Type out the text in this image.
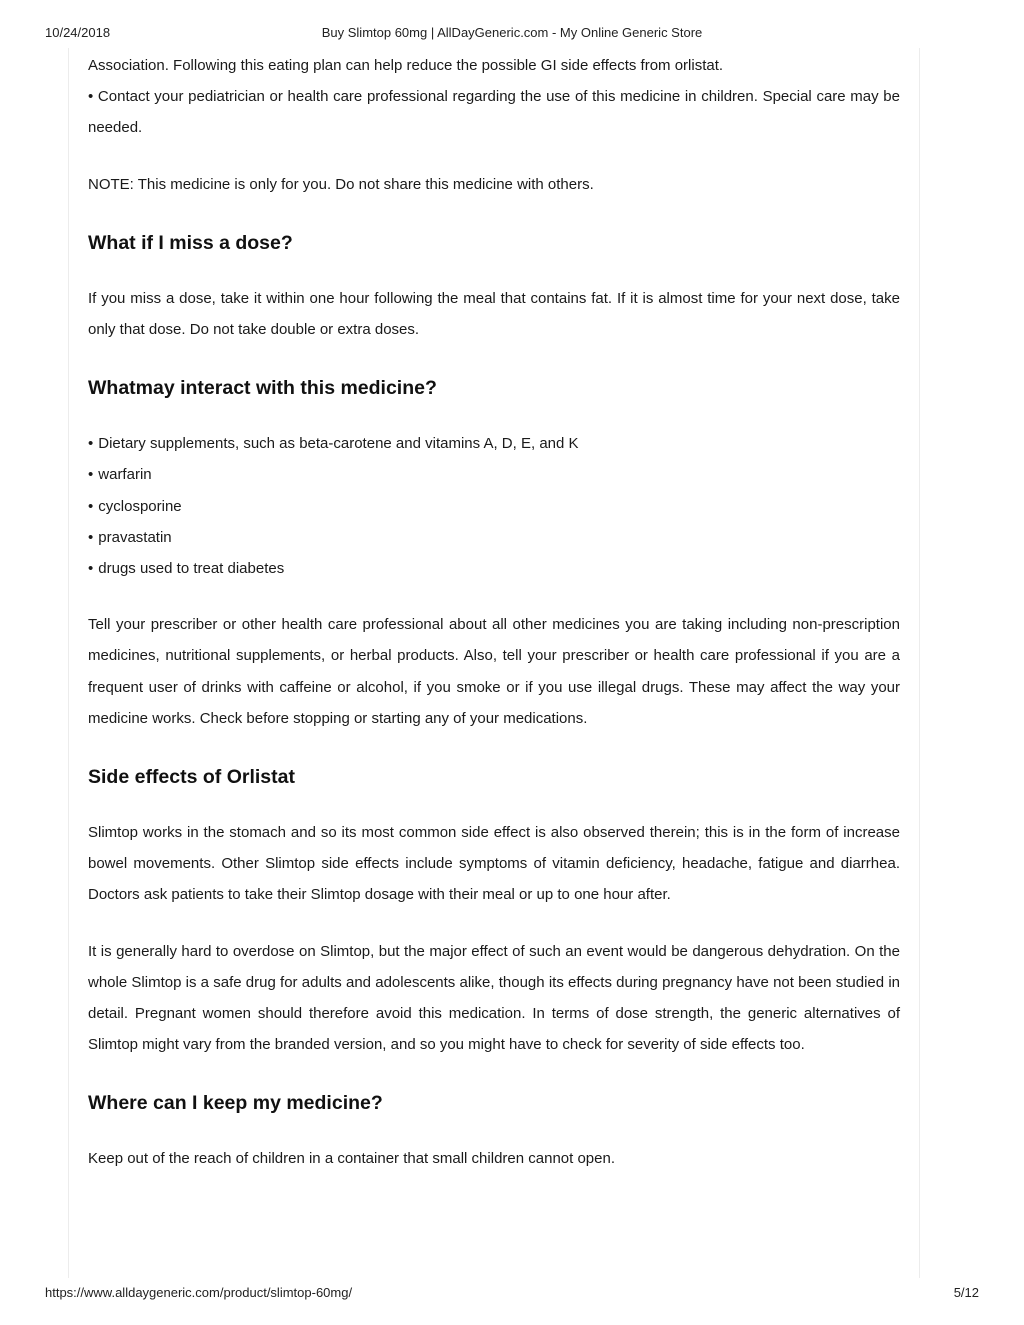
10/24/2018	Buy Slimtop 60mg | AllDayGeneric.com - My Online Generic Store

Association. Following this eating plan can help reduce the possible GI side effects from orlistat.

• Contact your pediatrician or health care professional regarding the use of this medicine in children. Special care may be needed.

NOTE: This medicine is only for you. Do not share this medicine with others.

What if I miss a dose?

If you miss a dose, take it within one hour following the meal that contains fat. If it is almost time for your next dose, take only that dose. Do not take double or extra doses.

Whatmay interact with this medicine?
• Dietary supplements, such as beta-carotene and vitamins A, D, E, and K
• warfarin
• cyclosporine
• pravastatin
• drugs used to treat diabetes

Tell your prescriber or other health care professional about all other medicines you are taking including non-prescription medicines, nutritional supplements, or herbal products. Also, tell your prescriber or health care professional if you are a frequent user of drinks with caffeine or alcohol, if you smoke or if you use illegal drugs. These may affect the way your medicine works. Check before stopping or starting any of your medications.

Side effects of Orlistat

Slimtop works in the stomach and so its most common side effect is also observed therein; this is in the form of increase bowel movements. Other Slimtop side effects include symptoms of vitamin deficiency, headache, fatigue and diarrhea. Doctors ask patients to take their Slimtop dosage with their meal or up to one hour after.

It is generally hard to overdose on Slimtop, but the major effect of such an event would be dangerous dehydration. On the whole Slimtop is a safe drug for adults and adolescents alike, though its effects during pregnancy have not been studied in detail. Pregnant women should therefore avoid this medication. In terms of dose strength, the generic alternatives of Slimtop might vary from the branded version, and so you might have to check for severity of side effects too.

Where can I keep my medicine?

Keep out of the reach of children in a container that small children cannot open.

https://www.alldaygeneric.com/product/slimtop-60mg/	5/12
